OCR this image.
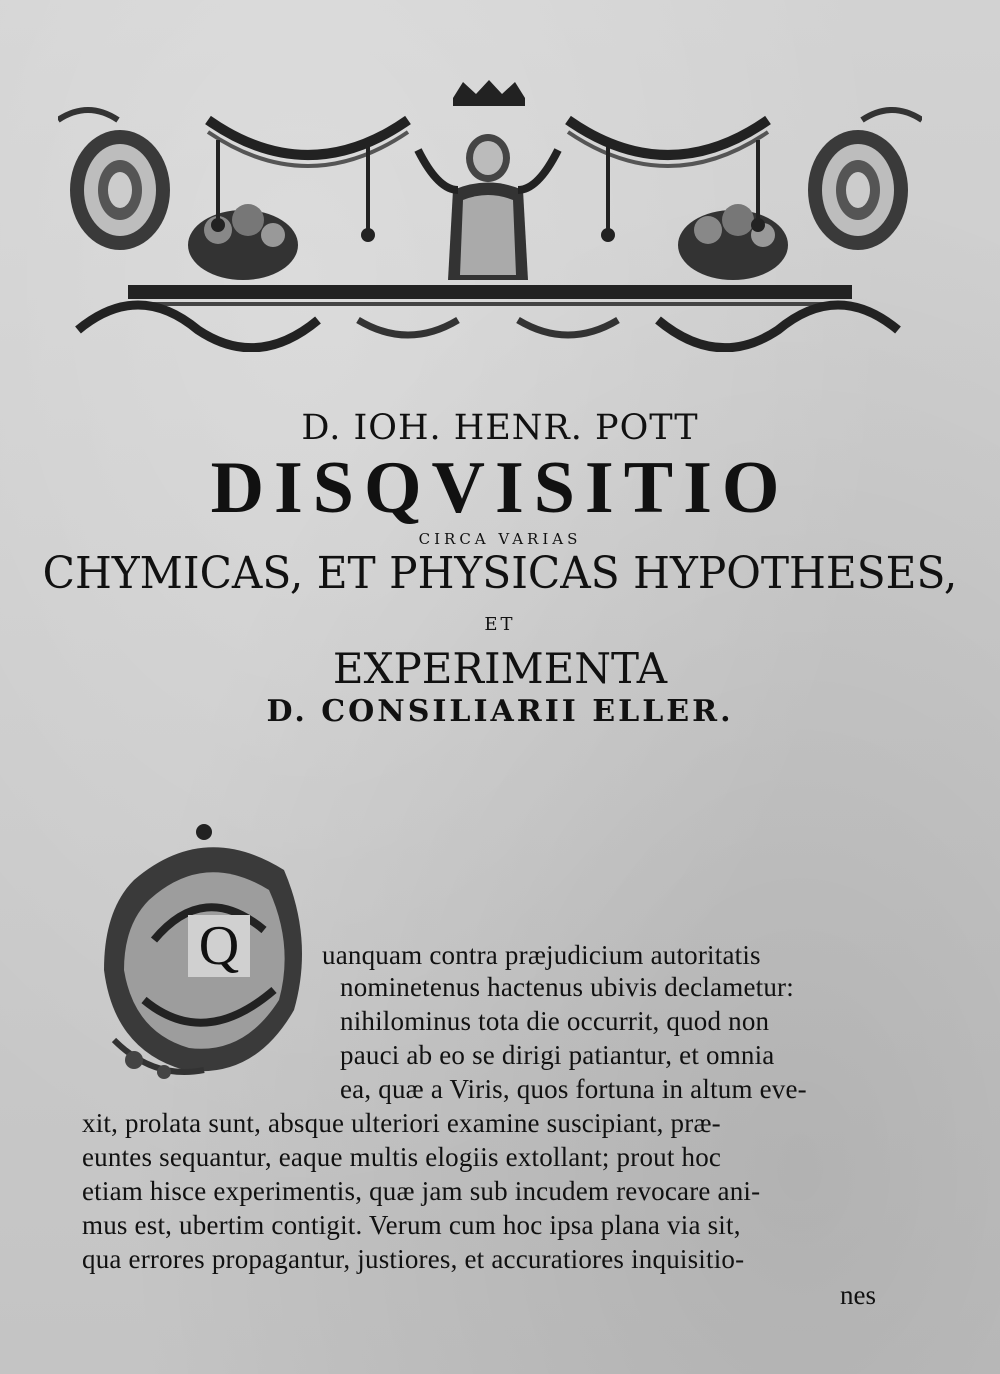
D. IOH. HENR. POTT
DISQVISITIO
CIRCA VARIAS
CHYMICAS, ET PHYSICAS HYPOTHESES,
ET
EXPERIMENTA
D. CONSILIARII ELLER.
Q	uanquam contra præjudicium autoritatis
nominetenus hactenus ubivis declametur:
nihilominus tota die occurrit, quod non
pauci ab eo se dirigi patiantur, et omnia
ea, quæ a Viris, quos fortuna in altum eve-
xit, prolata sunt, absque ulteriori examine suscipiant, præ-
euntes sequantur, eaque multis elogiis extollant; prout hoc
etiam hisce experimentis, quæ jam sub incudem revocare ani-
mus est, ubertim contigit. Verum cum hoc ipsa plana via sit,
qua errores propagantur, justiores, et accuratiores inquisitio-
nes
